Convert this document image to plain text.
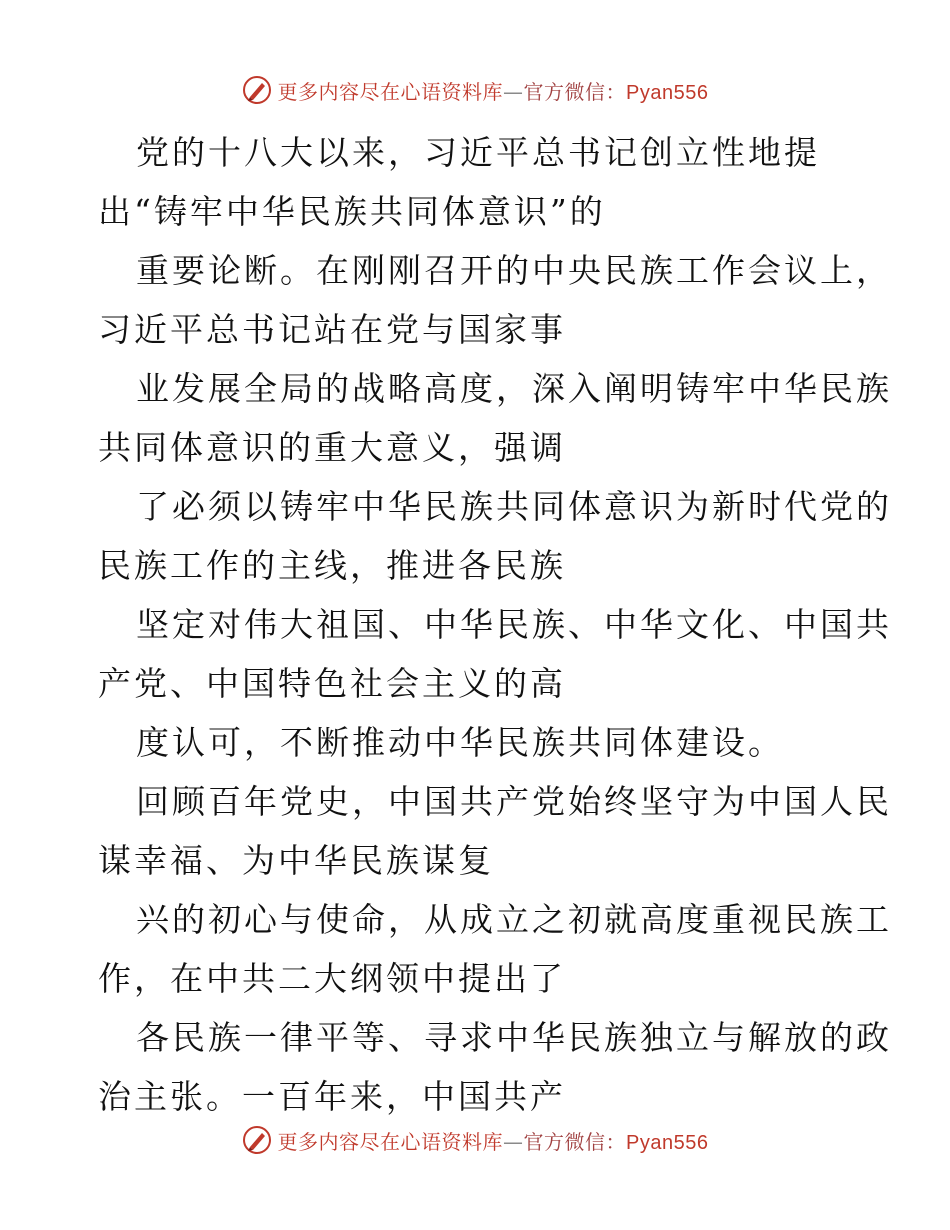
更多内容尽在心语资料库—官方微信：Pyan556
党的十八大以来，习近平总书记创立性地提
出“铸牢中华民族共同体意识”的
重要论断。在刚刚召开的中央民族工作会议上，
习近平总书记站在党与国家事
业发展全局的战略高度，深入阐明铸牢中华民族
共同体意识的重大意义，强调
了必须以铸牢中华民族共同体意识为新时代党的
民族工作的主线，推进各民族
坚定对伟大祖国、中华民族、中华文化、中国共
产党、中国特色社会主义的高
度认可，不断推动中华民族共同体建设。
回顾百年党史，中国共产党始终坚守为中国人民
谋幸福、为中华民族谋复
兴的初心与使命，从成立之初就高度重视民族工
作，在中共二大纲领中提出了
各民族一律平等、寻求中华民族独立与解放的政
治主张。一百年来，中国共产
更多内容尽在心语资料库—官方微信：Pyan556
